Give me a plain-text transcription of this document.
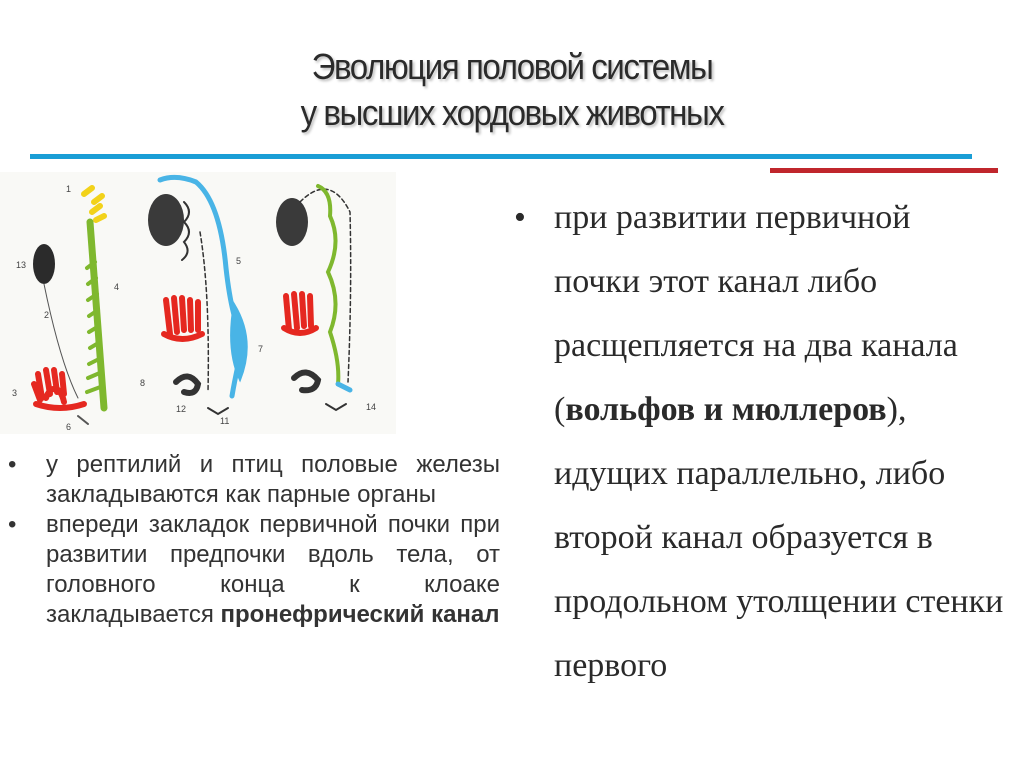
Эволюция половой системы
у высших хордовых животных
1
13
2
4
3
6
5
7
8
12
11
14
• у рептилий и птиц половые железы закладываются как парные органы
• впереди закладок первичной почки при развитии предпочки вдоль тела, от головного конца к клоаке закладывается пронефрический канал
• при развитии первичной почки этот канал либо расщепляется на два канала (вольфов и мюллеров), идущих параллельно, либо второй канал образуется в продольном утолщении стенки первого
